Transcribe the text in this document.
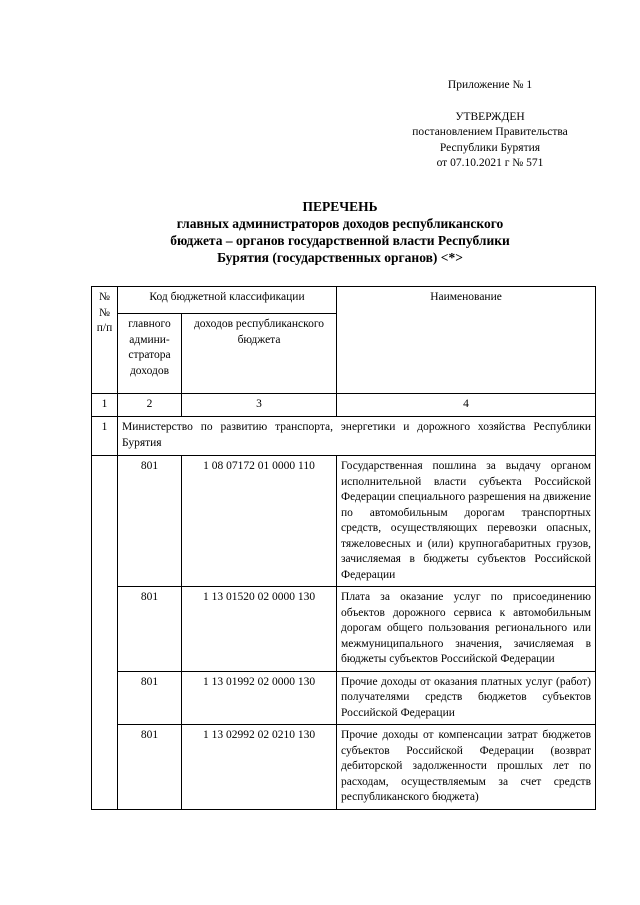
Приложение № 1
УТВЕРЖДЕН
постановлением Правительства
Республики Бурятия
от 07.10.2021 г № 571
ПЕРЕЧЕНЬ
главных администраторов доходов республиканского
бюджета – органов государственной власти Республики
Бурятия (государственных органов) <*>
№ № п/п	Код бюджетной классификации		Наименование
	главного админи-стратора доходов	доходов республиканского бюджета	
1	2	3	4
1	Министерство по развитию транспорта, энергетики и дорожного хозяйства Республики Бурятия		
	801	1 08 07172 01 0000 110	Государственная пошлина за выдачу органом исполнительной власти субъекта Российской Федерации специального разрешения на движение по автомобильным дорогам транспортных средств, осуществляющих перевозки опасных, тяжеловесных и (или) крупногабаритных грузов, зачисляемая в бюджеты субъектов Российской Федерации
	801	1 13 01520 02 0000 130	Плата за оказание услуг по присоединению объектов дорожного сервиса к автомобильным дорогам общего пользования регионального или межмуниципального значения, зачисляемая в бюджеты субъектов Российской Федерации
	801	1 13 01992 02 0000 130	Прочие доходы от оказания платных услуг (работ) получателями средств бюджетов субъектов Российской Федерации
	801	1 13 02992 02 0210 130	Прочие доходы от компенсации затрат бюджетов субъектов Российской Федерации (возврат дебиторской задолженности прошлых лет по расходам, осуществляемым за счет средств республиканского бюджета)
